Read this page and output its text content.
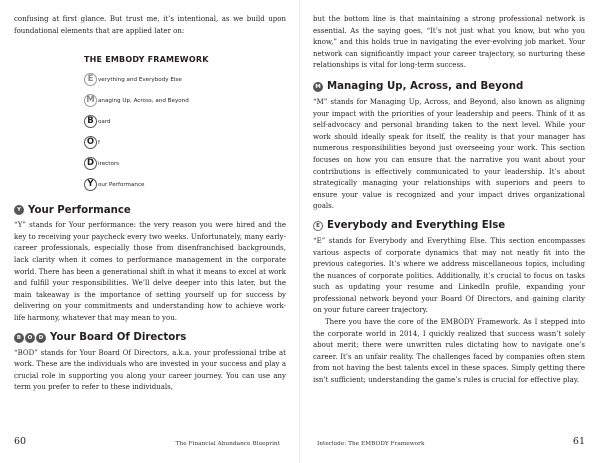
confusing at first glance. But trust me, it’s intentional, as we build upon foundational elements that are applied later on:

THE EMBODY FRAMEWORK
E verything and Everybody Else
M anaging Up, Across, and Beyond
B oard
O f
D irectors
Y our Performance
Y Your Performance

“Y” stands for Your performance: the very reason you were hired and the key to receiving your paycheck every two weeks. Unfortunately, many early-career professionals, especially those from disenfranchised backgrounds, lack clarity when it comes to performance management in the corporate world. There has been a generational shift in what it means to excel at work and fulfill your responsibilities. We’ll delve deeper into this later, but the main takeaway is the importance of setting yourself up for success by delivering on your commitments and understanding how to achieve work-life harmony, whatever that may mean to you.

B	O	D Your Board Of Directors

“BOD” stands for Your Board Of Directors, a.k.a. your professional tribe at work. These are the individuals who are invested in your success and play a crucial role in supporting you along your career journey. You can use any term you prefer to refer to these individuals,

60	The Financial Abundance Blueprint

but the bottom line is that maintaining a strong professional network is essential. As the saying goes, “It’s not just what you know, but who you know,” and this holds true in navigating the ever-evolving job market. Your network can significantly impact your career trajectory, so nurturing these relationships is vital for long-term success.

M Managing Up, Across, and Beyond

“M” stands for Managing Up, Across, and Beyond, also known as aligning your impact with the priorities of your leadership and peers. Think of it as self-advocacy and personal branding taken to the next level. While your work should ideally speak for itself, the reality is that your manager has numerous responsibilities beyond just overseeing your work. This section focuses on how you can ensure that the narrative you want about your contributions is effectively communicated to your leadership. It’s about strategically managing your relationships with superiors and peers to ensure your value is recognized and your impact drives organizational goals.

E Everybody and Everything Else

“E” stands for Everybody and Everything Else. This section encompasses various aspects of corporate dynamics that may not neatly fit into the previous categories. It’s where we address miscellaneous topics, including the nuances of corporate politics. Additionally, it’s crucial to focus on tasks such as updating your resume and LinkedIn profile, expanding your professional network beyond your Board Of Directors, and gaining clarity on your future career trajectory.

There you have the core of the EMBODY Framework. As I stepped into the corporate world in 2014, I quickly realized that success wasn’t solely about merit; there were unwritten rules dictating how to navigate one’s career. It’s an unfair reality. The challenges faced by companies often stem from not having the best talents excel in these spaces. Simply getting there isn’t sufficient; understanding the game’s rules is crucial for effective play.

Interlude: The EMBODY Framework	61
